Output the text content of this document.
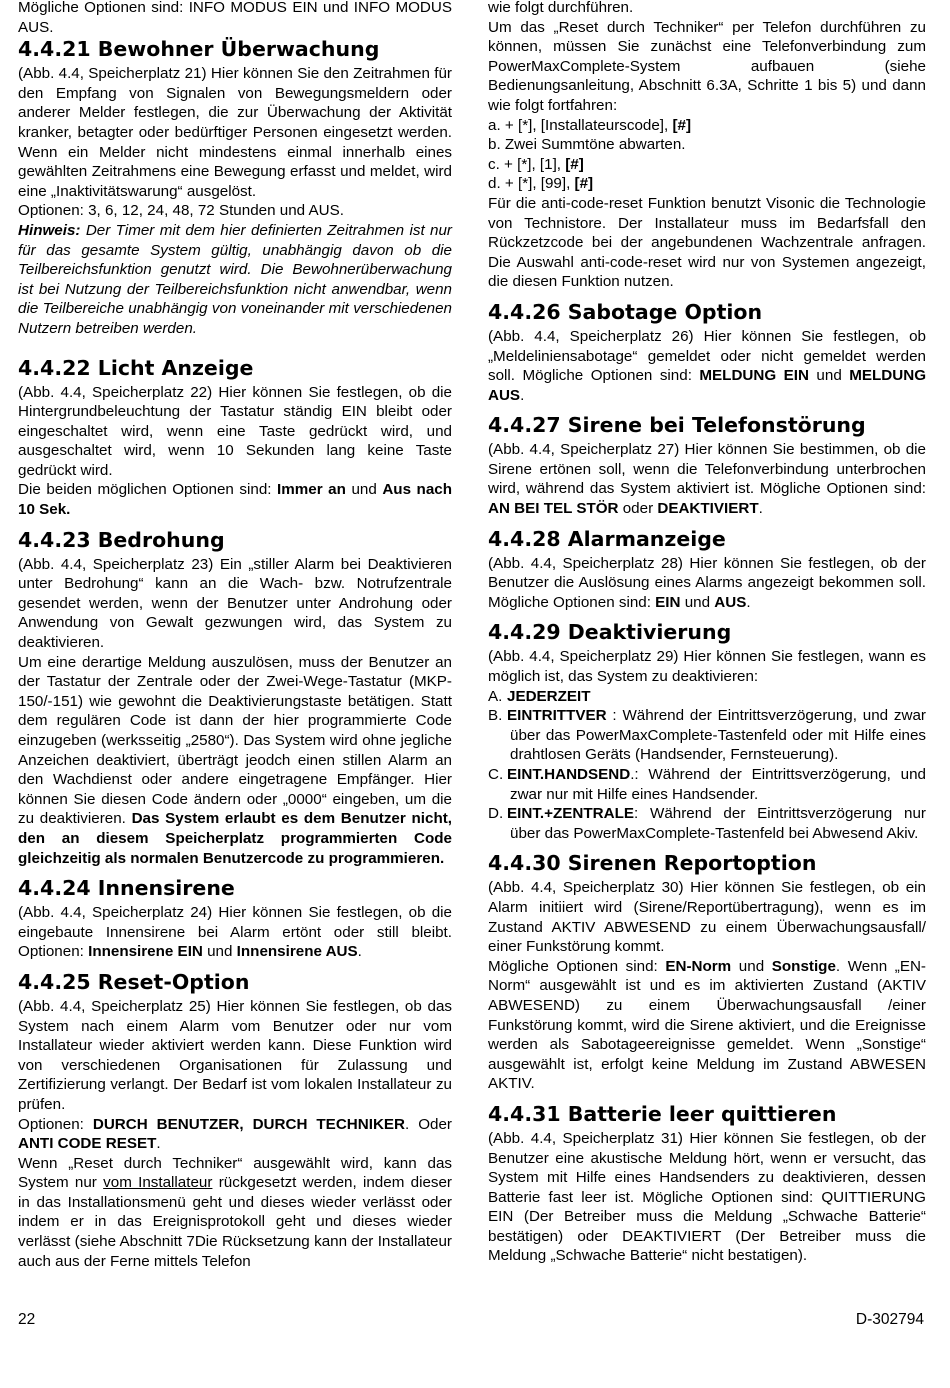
Mögliche Optionen sind: INFO MODUS EIN und INFO MODUS AUS.

4.4.21 Bewohner Überwachung

(Abb. 4.4, Speicherplatz 21) Hier können Sie den Zeitrahmen für den Empfang von Signalen von Bewegungsmeldern oder anderer Melder festlegen, die zur Überwachung der Aktivität kranker, betagter oder bedürftiger Personen eingesetzt werden. Wenn ein Melder nicht mindestens einmal innerhalb eines gewählten Zeitrahmens eine Bewegung erfasst und meldet, wird eine „Inaktivitätswarung“ ausgelöst.

Optionen: 3, 6, 12, 24, 48, 72 Stunden und AUS.

Hinweis: Der Timer mit dem hier definierten Zeitrahmen ist nur für das gesamte System gültig, unabhängig davon ob die Teilbereichsfunktion genutzt wird. Die Bewohnerüberwachung ist bei Nutzung der Teilbereichsfunktion nicht anwendbar, wenn die Teilbereiche unabhängig von voneinander mit verschiedenen Nutzern betreiben werden.

4.4.22 Licht Anzeige

(Abb. 4.4, Speicherplatz 22) Hier können Sie festlegen, ob die Hintergrundbeleuchtung der Tastatur ständig EIN bleibt oder eingeschaltet wird, wenn eine Taste gedrückt wird, und ausgeschaltet wird, wenn 10 Sekunden lang keine Taste gedrückt wird.

Die beiden möglichen Optionen sind: Immer an und Aus nach 10 Sek.

4.4.23 Bedrohung

(Abb. 4.4, Speicherplatz 23) Ein „stiller Alarm bei Deaktivieren unter Bedrohung“ kann an die Wach- bzw. Notrufzentrale gesendet werden, wenn der Benutzer unter Androhung oder Anwendung von Gewalt gezwungen wird, das System zu deaktivieren.

Um eine derartige Meldung auszulösen, muss der Benutzer an der Tastatur der Zentrale oder der Zwei-Wege-Tastatur (MKP-150/-151) wie gewohnt die Deaktivierungstaste betätigen. Statt dem regulären Code ist dann der hier programmierte Code einzugeben (werksseitig „2580“). Das System wird ohne jegliche Anzeichen deaktiviert, überträgt jeodch einen stillen Alarm an den Wachdienst oder andere eingetragene Empfänger. Hier können Sie diesen Code ändern oder „0000“ eingeben, um die zu deaktivieren. Das System erlaubt es dem Benutzer nicht, den an diesem Speicherplatz programmierten Code gleichzeitig als normalen Benutzercode zu programmieren.

4.4.24 Innensirene

(Abb. 4.4, Speicherplatz 24) Hier können Sie festlegen, ob die eingebaute Innensirene bei Alarm ertönt oder still bleibt. Optionen: Innensirene EIN und Innensirene AUS.

4.4.25 Reset-Option

(Abb. 4.4, Speicherplatz 25) Hier können Sie festlegen, ob das System nach einem Alarm vom Benutzer oder nur vom Installateur wieder aktiviert werden kann. Diese Funktion wird von verschiedenen Organisationen für Zulassung und Zertifizierung verlangt. Der Bedarf ist vom lokalen Installateur zu prüfen.

Optionen: DURCH BENUTZER, DURCH TECHNIKER. Oder ANTI CODE RESET.

Wenn „Reset durch Techniker“ ausgewählt wird, kann das System nur vom Installateur rückgesetzt werden, indem dieser in das Installationsmenü geht und dieses wieder verlässt oder indem er in das Ereignisprotokoll geht und dieses wieder verlässt (siehe Abschnitt 7Die Rücksetzung kann der Installateur auch aus der Ferne mittels Telefon

wie folgt durchführen.

Um das „Reset durch Techniker“ per Telefon durchführen zu können, müssen Sie zunächst eine Telefonverbindung zum PowerMaxComplete-System aufbauen (siehe Bedienungsanleitung, Abschnitt 6.3A, Schritte 1 bis 5) und dann wie folgt fortfahren:

a. + [*], [Installateurscode], [#]

b. Zwei Summtöne abwarten.

c. + [*], [1], [#]

d. + [*], [99], [#]

Für die anti-code-reset Funktion benutzt Visonic die Technologie von Technistore. Der Installateur muss im Bedarfsfall den Rückzetzcode bei der angebundenen Wachzentrale anfragen. Die Auswahl anti-code-reset wird nur von Systemen angezeigt, die diesen Funktion nutzen.

4.4.26 Sabotage Option

(Abb. 4.4, Speicherplatz 26) Hier können Sie festlegen, ob „Meldeliniensabotage“ gemeldet oder nicht gemeldet werden soll. Mögliche Optionen sind: MELDUNG EIN und MELDUNG AUS.

4.4.27 Sirene bei Telefonstörung

(Abb. 4.4, Speicherplatz 27) Hier können Sie bestimmen, ob die Sirene ertönen soll, wenn die Telefonverbindung unterbrochen wird, während das System aktiviert ist. Mögliche Optionen sind: AN BEI TEL STÖR oder DEAKTIVIERT.

4.4.28 Alarmanzeige

(Abb. 4.4, Speicherplatz 28) Hier können Sie festlegen, ob der Benutzer die Auslösung eines Alarms angezeigt bekommen soll. Mögliche Optionen sind: EIN und AUS.

4.4.29 Deaktivierung

(Abb. 4.4, Speicherplatz 29) Hier können Sie festlegen, wann es möglich ist, das System zu deaktivieren:

A. JEDERZEIT

B. EINTRITTVER : Während der Eintrittsverzögerung, und zwar über das PowerMaxComplete-Tastenfeld oder mit Hilfe eines drahtlosen Geräts (Handsender, Fernsteuerung).

C. EINT.HANDSEND.: Während der Eintrittsverzögerung, und zwar nur mit Hilfe eines Handsender.

D. EINT.+ZENTRALE: Während der Eintrittsverzögerung nur über das PowerMaxComplete-Tastenfeld bei Abwesend Akiv.

4.4.30 Sirenen Reportoption

(Abb. 4.4, Speicherplatz 30) Hier können Sie festlegen, ob ein Alarm initiiert wird (Sirene/Reportübertragung), wenn es im Zustand AKTIV ABWESEND zu einem Überwachungsausfall/ einer Funkstörung kommt.

Mögliche Optionen sind: EN-Norm und Sonstige. Wenn „EN-Norm“ ausgewählt ist und es im aktivierten Zustand (AKTIV ABWESEND) zu einem Überwachungsausfall /einer Funkstörung kommt, wird die Sirene aktiviert, und die Ereignisse werden als Sabotageereignisse gemeldet. Wenn „Sonstige“ ausgewählt ist, erfolgt keine Meldung im Zustand ABWESEN AKTIV.

4.4.31 Batterie leer quittieren

(Abb. 4.4, Speicherplatz 31) Hier können Sie festlegen, ob der Benutzer eine akustische Meldung hört, wenn er versucht, das System mit Hilfe eines Handsenders zu deaktivieren, dessen Batterie fast leer ist. Mögliche Optionen sind: QUITTIERUNG EIN (Der Betreiber muss die Meldung „Schwache Batterie“ bestätigen) oder DEAKTIVIERT (Der Betreiber muss die Meldung „Schwache Batterie“ nicht bestatigen).

22	D-302794
